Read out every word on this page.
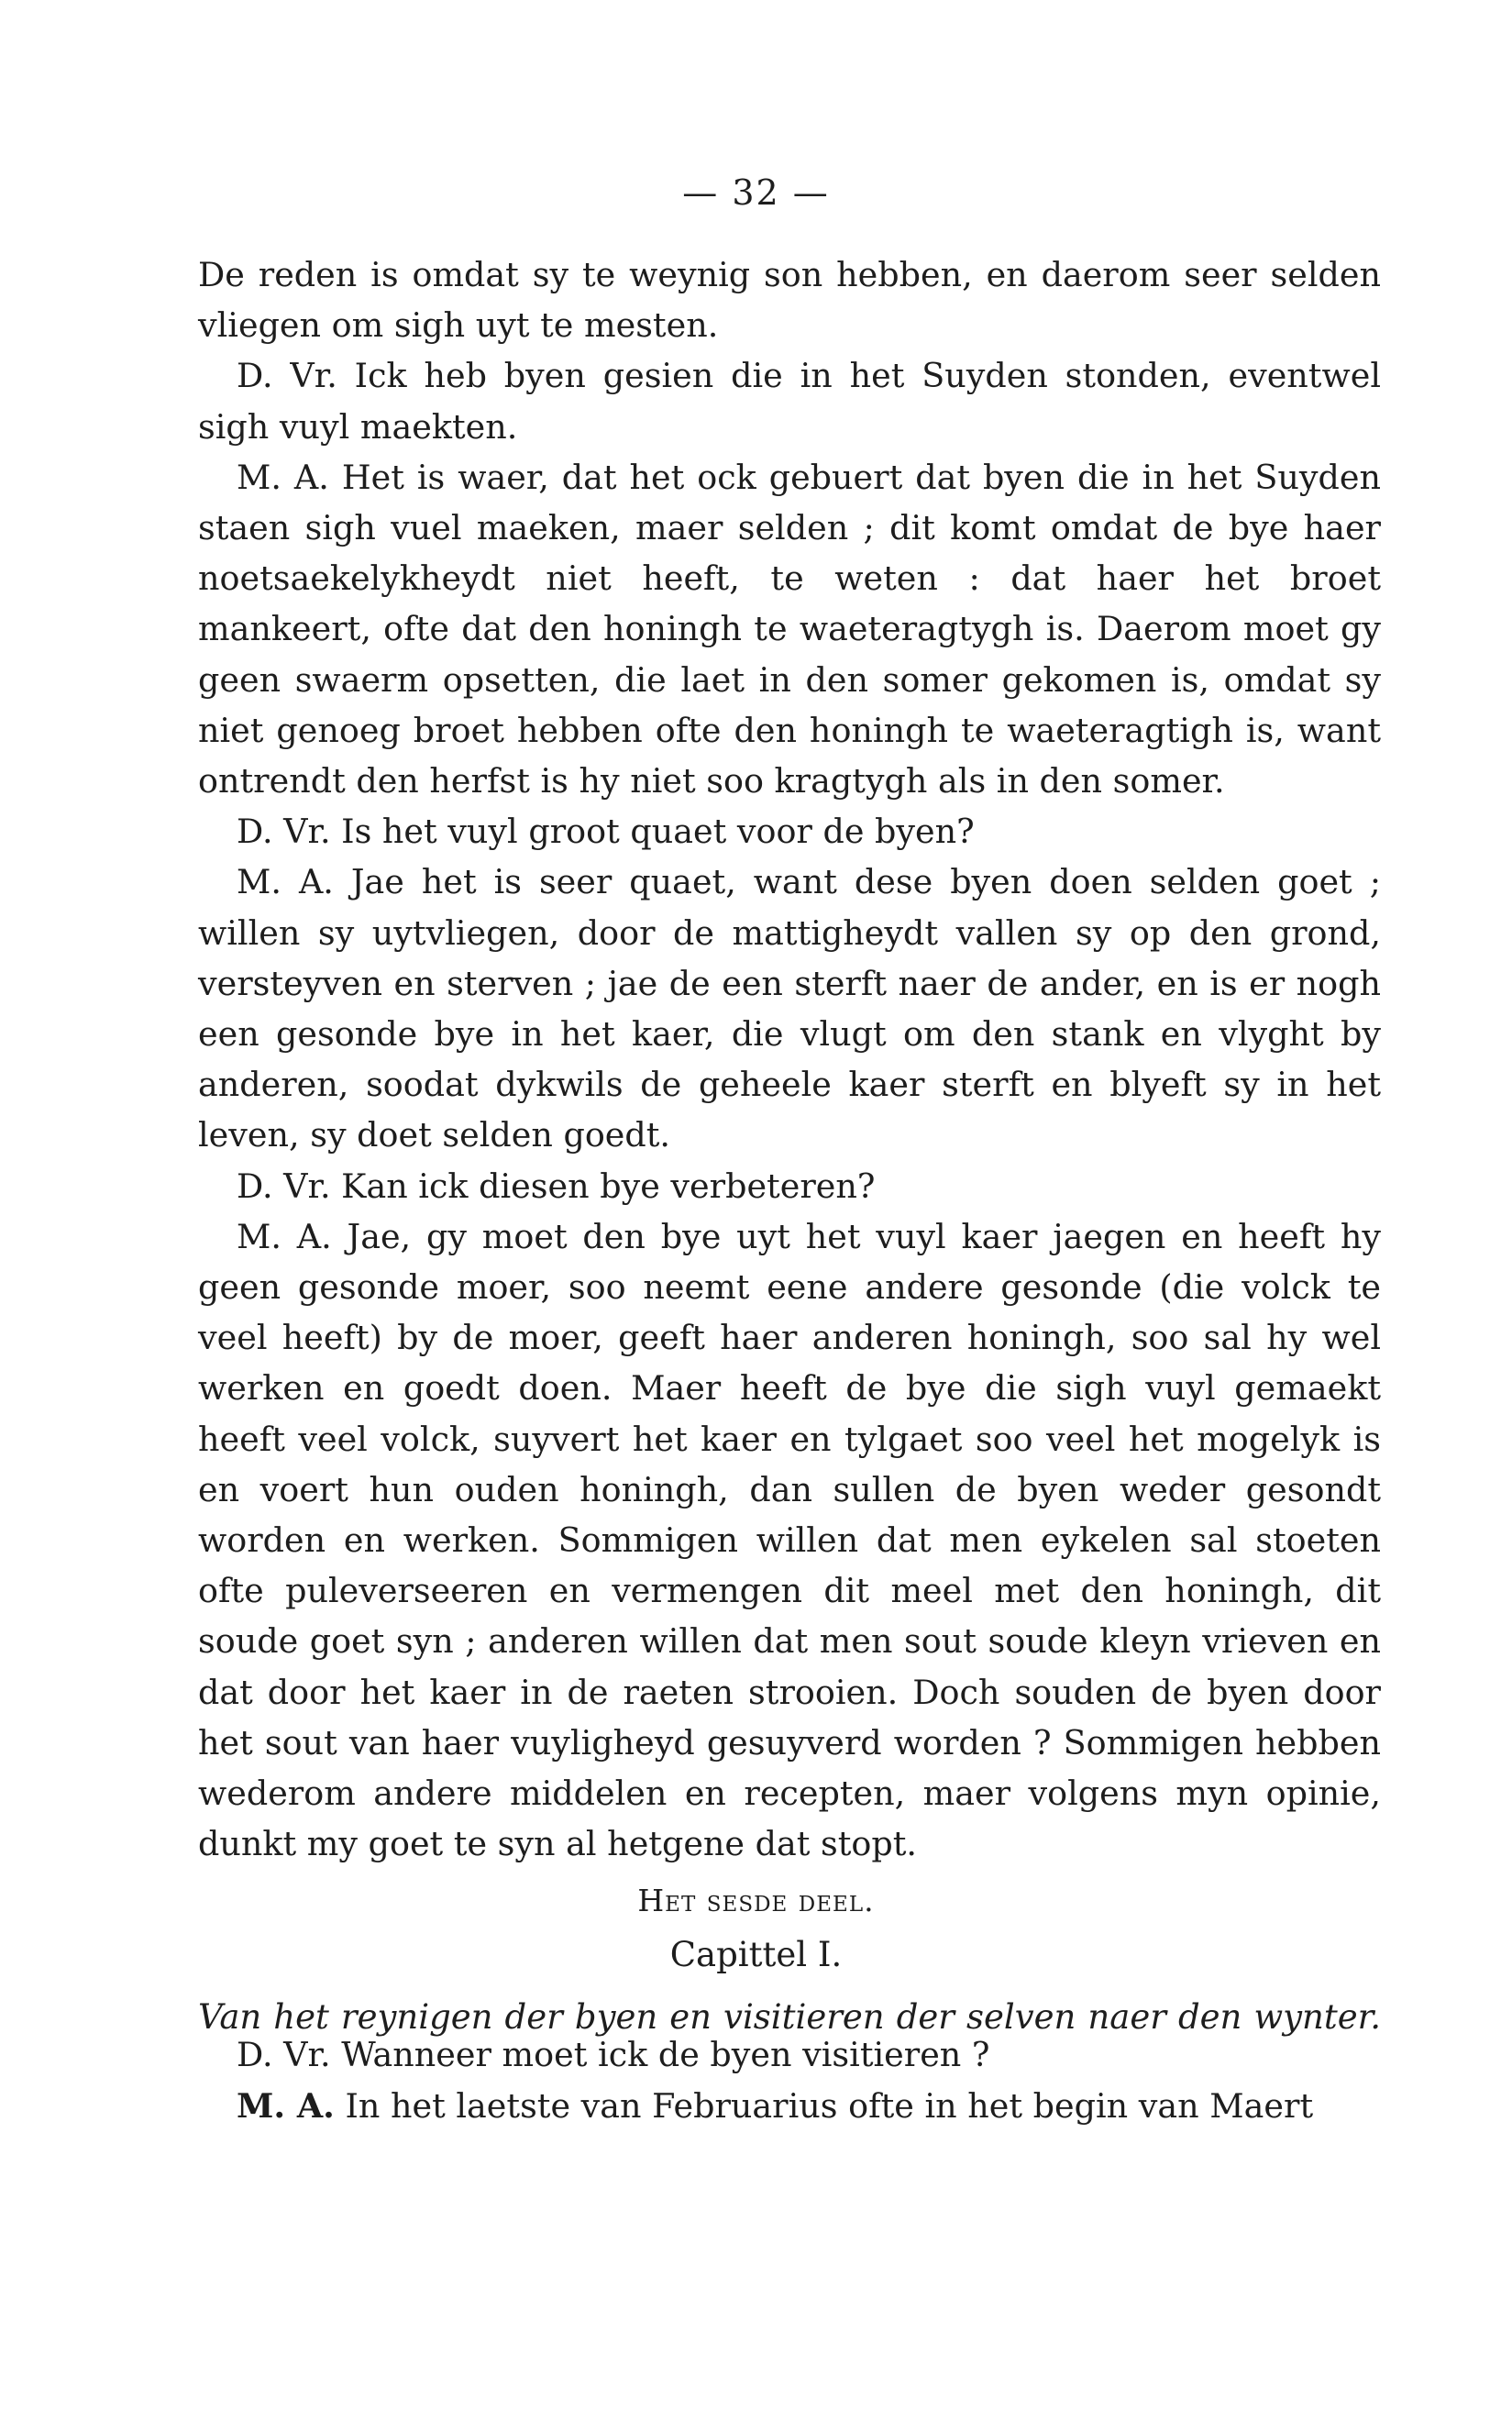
— 32 —

De reden is omdat sy te weynig son hebben, en daerom seer selden vliegen om sigh uyt te mesten.

D. Vr. Ick heb byen gesien die in het Suyden stonden, eventwel sigh vuyl maekten.

M. A. Het is waer, dat het ock gebuert dat byen die in het Suyden staen sigh vuel maeken, maer selden ; dit komt omdat de bye haer noetsaekelykheydt niet heeft, te weten : dat haer het broet mankeert, ofte dat den honingh te waeteragtygh is. Daerom moet gy geen swaerm opsetten, die laet in den somer gekomen is, omdat sy niet genoeg broet hebben ofte den honingh te waeteragtigh is, want ontrendt den herfst is hy niet soo kragtygh als in den somer.

D. Vr. Is het vuyl groot quaet voor de byen?

M. A. Jae het is seer quaet, want dese byen doen selden goet ; willen sy uytvliegen, door de mattigheydt vallen sy op den grond, versteyven en sterven ; jae de een sterft naer de ander, en is er nogh een gesonde bye in het kaer, die vlugt om den stank en vlyght by anderen, soodat dykwils de geheele kaer sterft en blyeft sy in het leven, sy doet selden goedt.

D. Vr. Kan ick diesen bye verbeteren?

M. A. Jae, gy moet den bye uyt het vuyl kaer jaegen en heeft hy geen gesonde moer, soo neemt eene andere gesonde (die volck te veel heeft) by de moer, geeft haer anderen honingh, soo sal hy wel werken en goedt doen. Maer heeft de bye die sigh vuyl gemaekt heeft veel volck, suyvert het kaer en tylgaet soo veel het mogelyk is en voert hun ouden honingh, dan sullen de byen weder gesondt worden en werken. Sommigen willen dat men eykelen sal stoeten ofte puleverseeren en vermengen dit meel met den honingh, dit soude goet syn ; anderen willen dat men sout soude kleyn vrieven en dat door het kaer in de raeten strooien. Doch souden de byen door het sout van haer vuyligheyd gesuyverd worden ? Sommigen hebben wederom andere middelen en recepten, maer volgens myn opinie, dunkt my goet te syn al hetgene dat stopt.

Het sesde deel.
Capittel I.
Van het reynigen der byen en visitieren der selven naer den wynter.

D. Vr. Wanneer moet ick de byen visitieren ?

M. A. In het laetste van Februarius ofte in het begin van Maert
